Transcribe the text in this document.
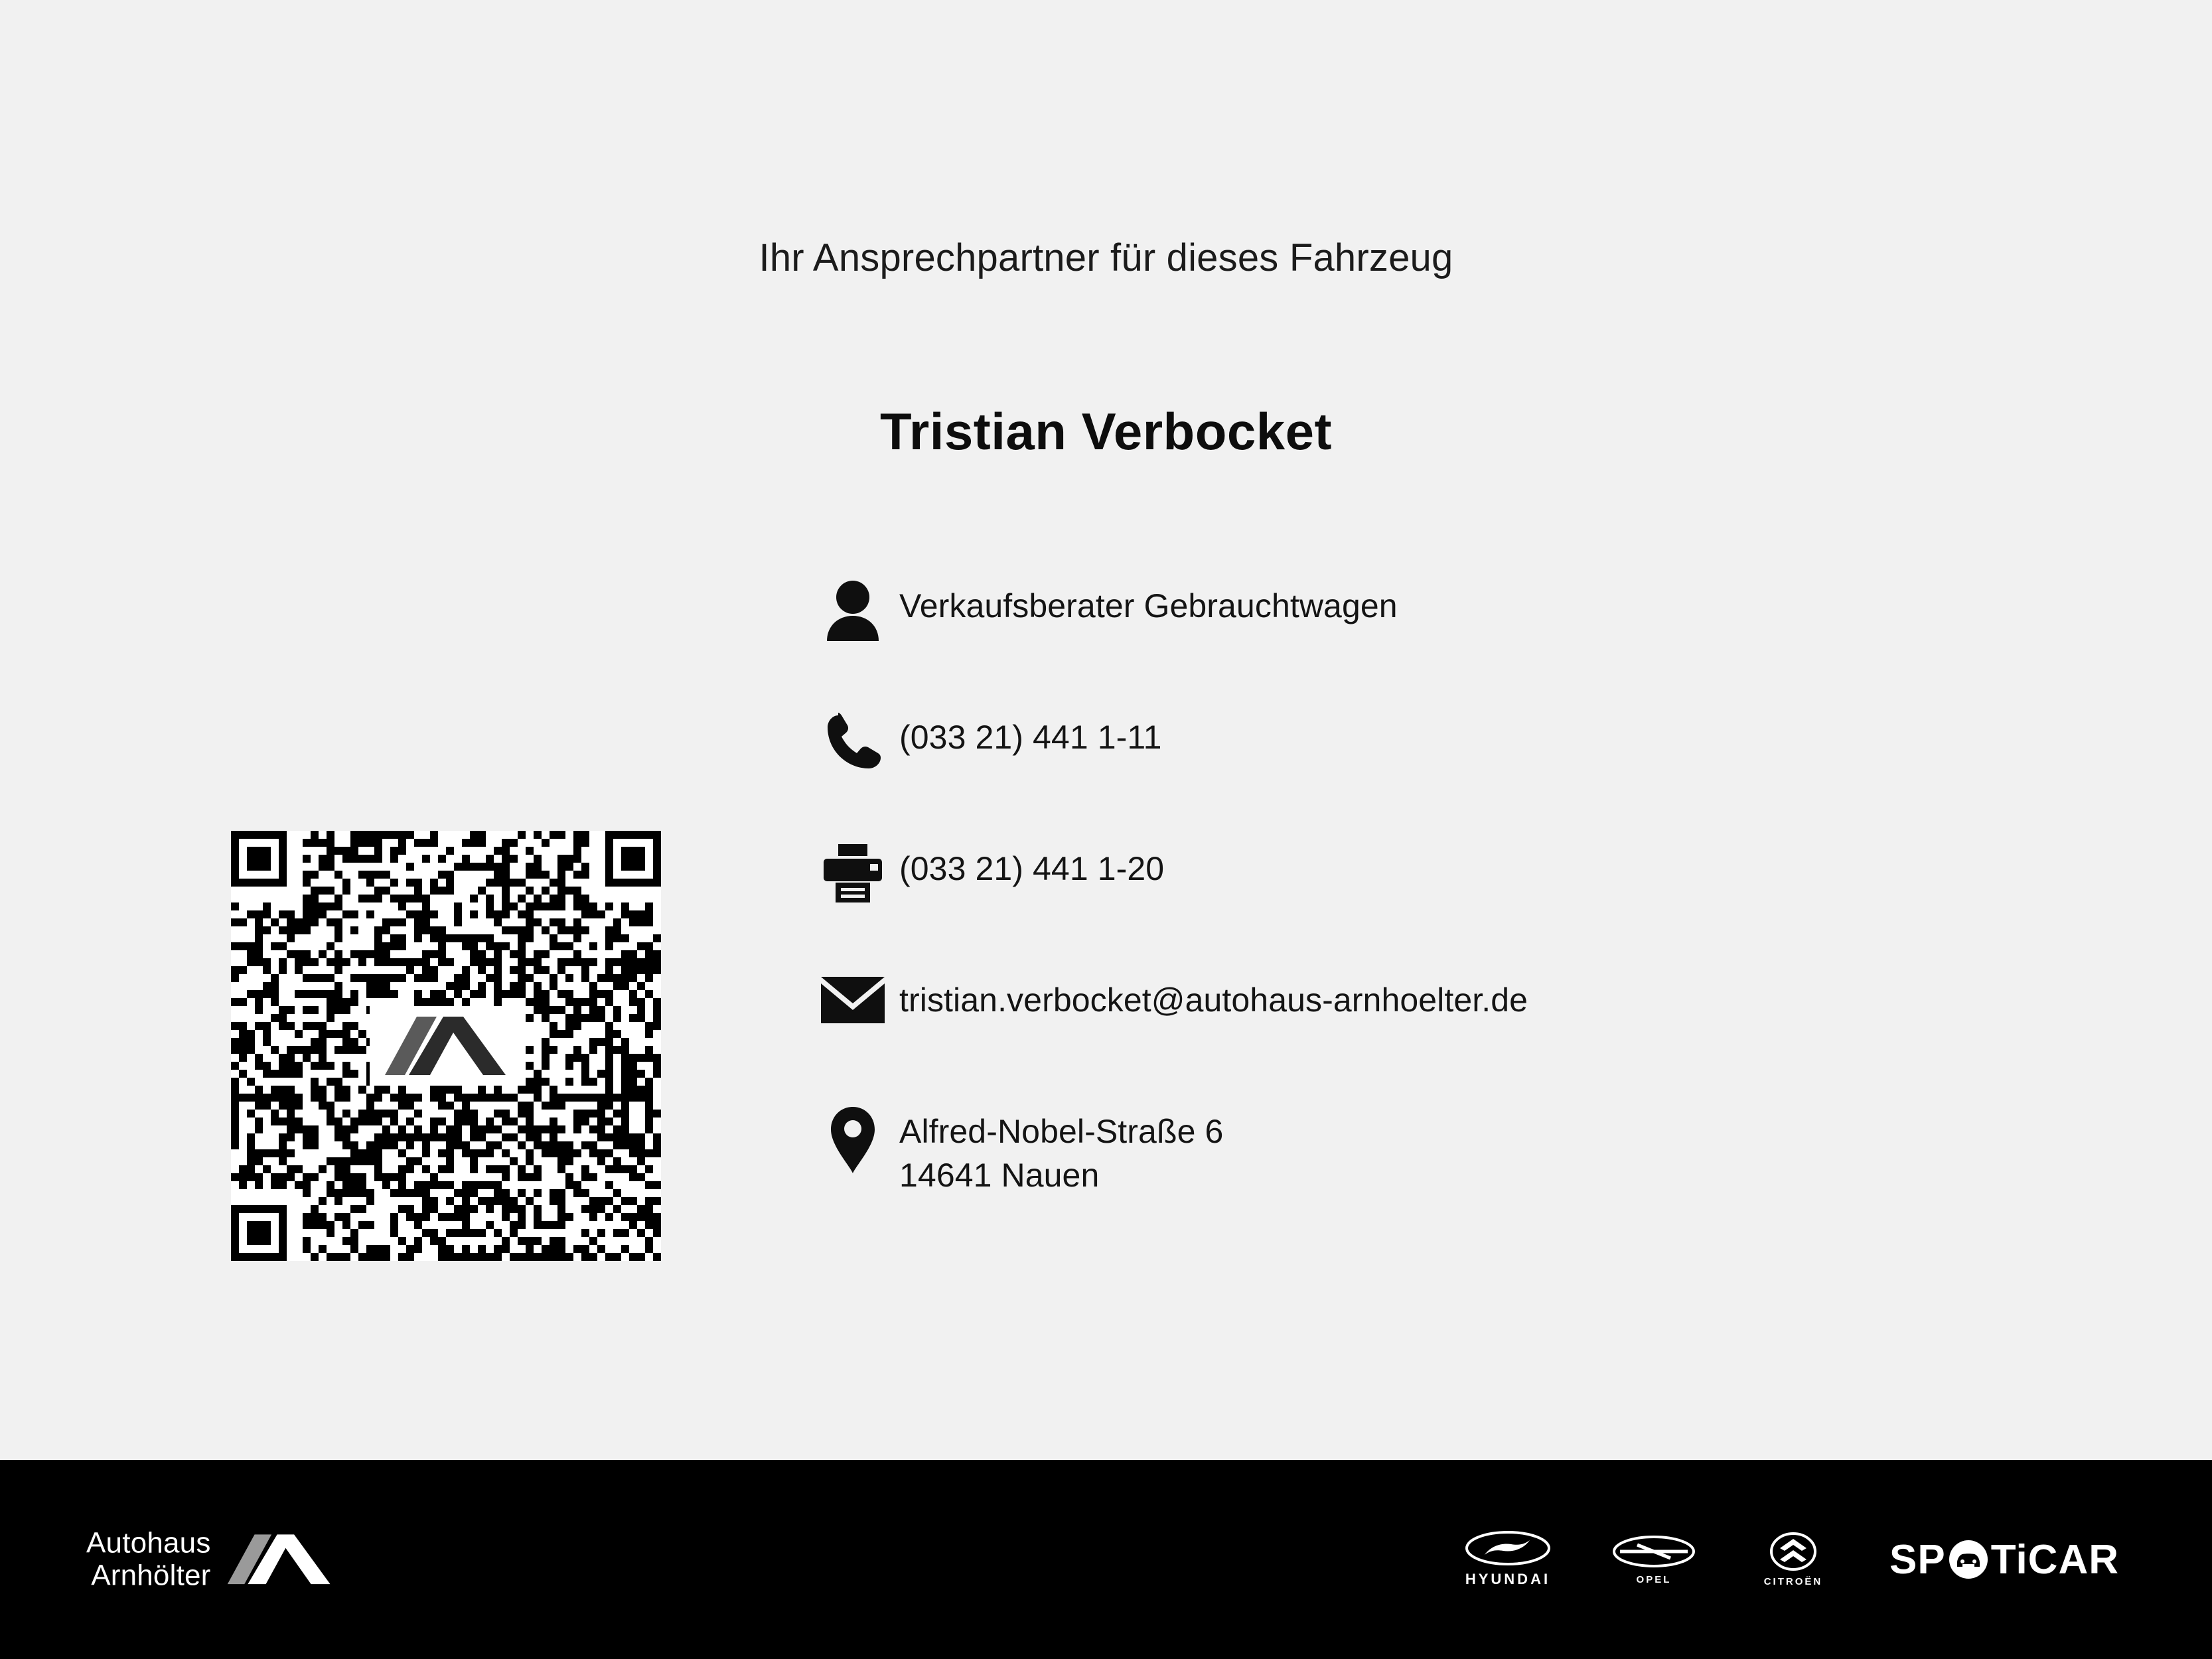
Ihr Ansprechpartner für dieses Fahrzeug
Tristian Verbocket
Verkaufsberater Gebrauchtwagen
(033 21) 441 1-11
(033 21) 441 1-20
tristian.verbocket@autohaus-arnhoelter.de
Alfred-Nobel-Straße 6
14641 Nauen
Autohaus
Arnhölter	HYUNDAI	OPEL	CITROËN SP TiCAR
